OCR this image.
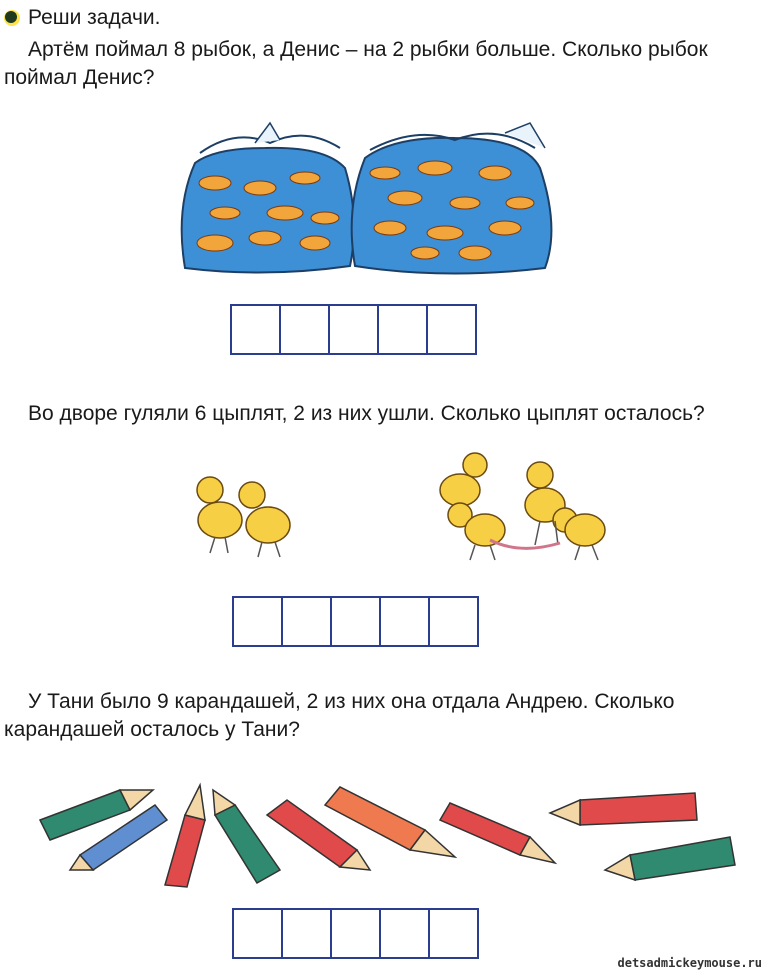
Реши задачи.
Артём поймал 8 рыбок, а Денис – на 2 рыбки больше. Сколько рыбок
поймал Денис?
Во дворе гуляли 6 цыплят, 2 из них ушли. Сколько цыплят осталось?
У Тани было 9 карандашей, 2 из них она отдала Андрею. Сколько
карандашей осталось у Тани?
detsadmickeymouse.ru
